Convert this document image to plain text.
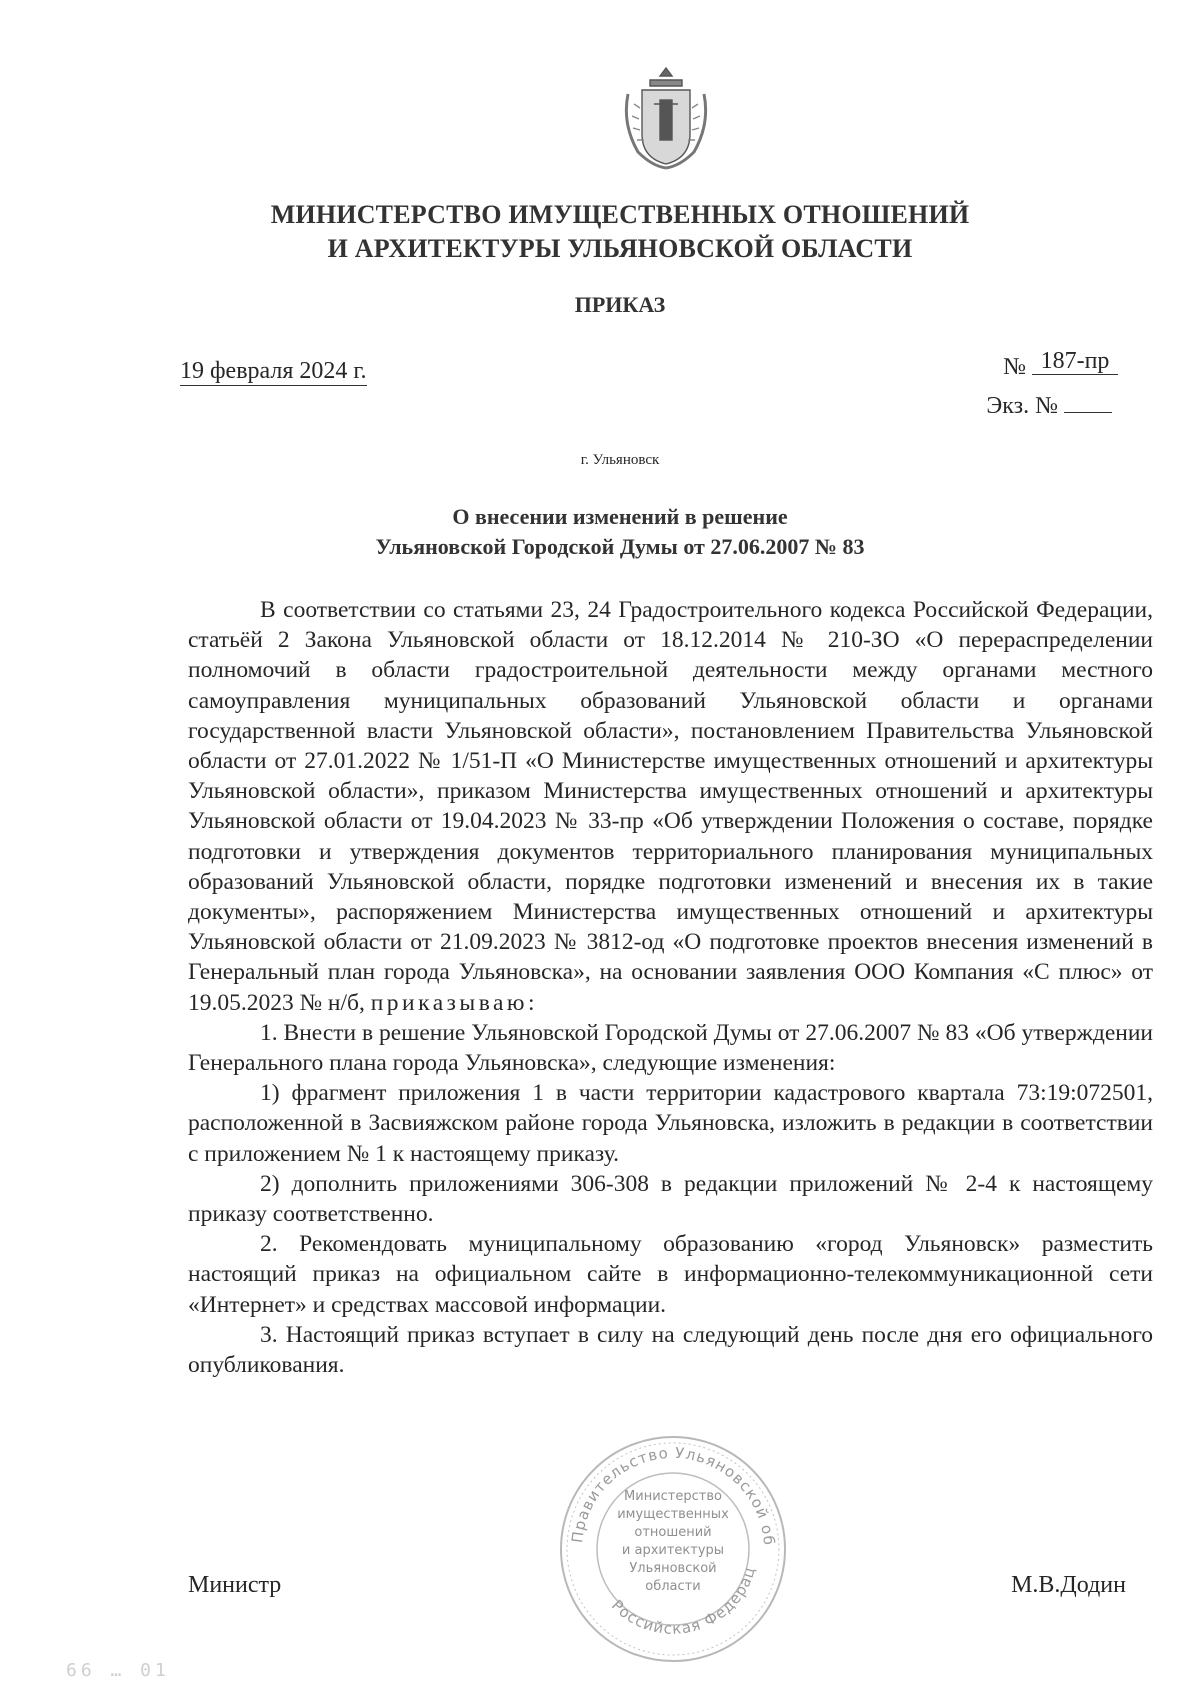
МИНИСТЕРСТВО ИМУЩЕСТВЕННЫХ ОТНОШЕНИЙ
И АРХИТЕКТУРЫ УЛЬЯНОВСКОЙ ОБЛАСТИ
ПРИКАЗ
19 февраля 2024 г.	№ 187-пр
Экз. №
г. Ульяновск
О внесении изменений в решение
Ульяновской Городской Думы от 27.06.2007 № 83

В соответствии со статьями 23, 24 Градостроительного кодекса Российской Федерации, статьёй 2 Закона Ульяновской области от 18.12.2014 № 210-ЗО «О перераспределении полномочий в области градостроительной деятельности между органами местного самоуправления муниципальных образований Ульяновской области и органами государственной власти Ульяновской области», постановлением Правительства Ульяновской области от 27.01.2022 № 1/51-П «О Министерстве имущественных отношений и архитектуры Ульяновской области», приказом Министерства имущественных отношений и архитектуры Ульяновской области от 19.04.2023 № 33-пр «Об утверждении Положения о составе, порядке подготовки и утверждения документов территориального планирования муниципальных образований Ульяновской области, порядке подготовки изменений и внесения их в такие документы», распоряжением Министерства имущественных отношений и архитектуры Ульяновской области от 21.09.2023 № 3812-од «О подготовке проектов внесения изменений в Генеральный план города Ульяновска», на основании заявления ООО Компания «С плюс» от 19.05.2023 № н/б, приказываю:

1. Внести в решение Ульяновской Городской Думы от 27.06.2007 № 83 «Об утверждении Генерального плана города Ульяновска», следующие изменения:

1) фрагмент приложения 1 в части территории кадастрового квартала 73:19:072501, расположенной в Засвияжском районе города Ульяновска, изложить в редакции в соответствии с приложением № 1 к настоящему приказу.

2) дополнить приложениями 306-308 в редакции приложений № 2-4 к настоящему приказу соответственно.

2. Рекомендовать муниципальному образованию «город Ульяновск» разместить настоящий приказ на официальном сайте в информационно-телекоммуникационной сети «Интернет» и средствах массовой информации.

3. Настоящий приказ вступает в силу на следующий день после дня его официального опубликования.

Министр	М.В.Додин
Правительство Ульяновской об
Российская Федерац
Министерство
имущественных
отношений
и архитектуры
Ульяновской
области
66 … 01
